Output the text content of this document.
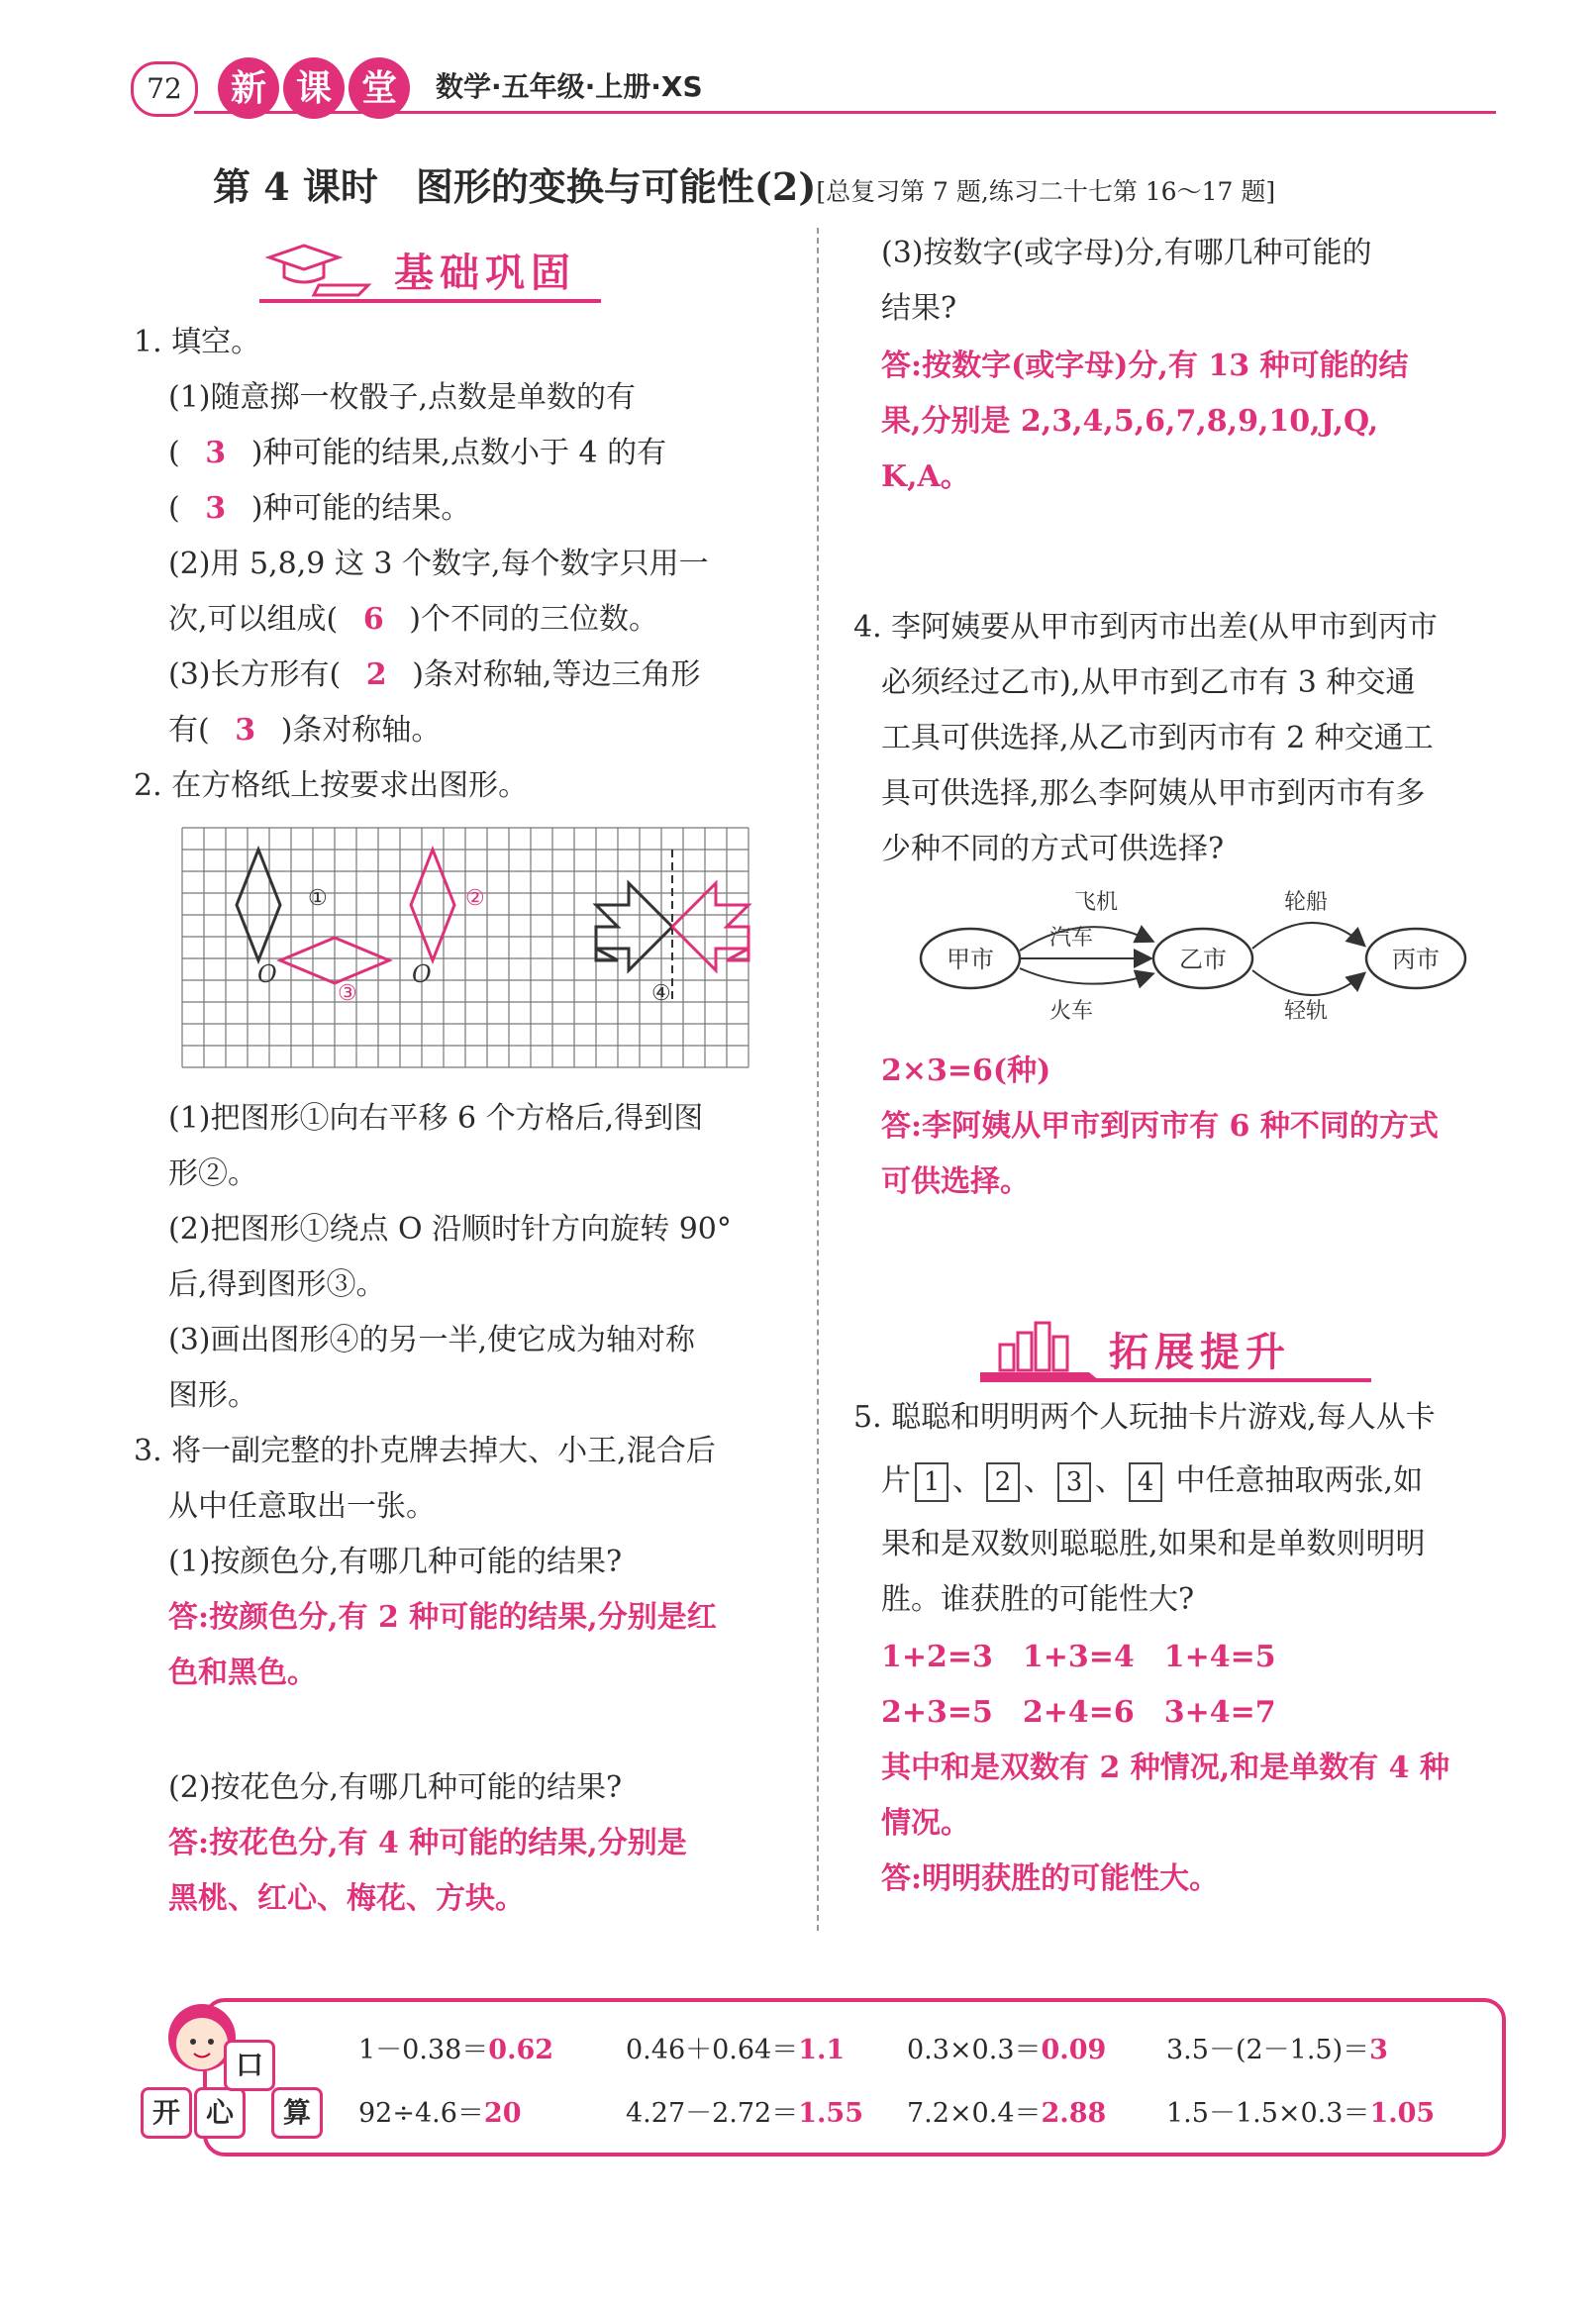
72	新 课 堂	数学·五年级·上册·XS
第 4 课时　图形的变换与可能性(2)[总复习第 7 题,练习二十七第 16～17 题]
基础巩固
1. 填空。
(1)随意掷一枚骰子,点数是单数的有
( 3 )种可能的结果,点数小于 4 的有
( 3 )种可能的结果。
(2)用 5,8,9 这 3 个数字,每个数字只用一
次,可以组成( 6 )个不同的三位数。
(3)长方形有( 2 )条对称轴,等边三角形
有( 3 )条对称轴。
2. 在方格纸上按要求出图形。
①
O
②
O
③	④
(1)把图形①向右平移 6 个方格后,得到图
形②。
(2)把图形①绕点 O 沿顺时针方向旋转 90°
后,得到图形③。
(3)画出图形④的另一半,使它成为轴对称
图形。
3. 将一副完整的扑克牌去掉大、小王,混合后
从中任意取出一张。
(1)按颜色分,有哪几种可能的结果?
答:按颜色分,有 2 种可能的结果,分别是红
色和黑色。
(2)按花色分,有哪几种可能的结果?
答:按花色分,有 4 种可能的结果,分别是
黑桃、红心、梅花、方块。
(3)按数字(或字母)分,有哪几种可能的
结果?
答:按数字(或字母)分,有 13 种可能的结
果,分别是 2,3,4,5,6,7,8,9,10,J,Q,
K,A。
4. 李阿姨要从甲市到丙市出差(从甲市到丙市
必须经过乙市),从甲市到乙市有 3 种交通
工具可供选择,从乙市到丙市有 2 种交通工
具可供选择,那么李阿姨从甲市到丙市有多
少种不同的方式可供选择?
甲市	乙市	丙市
飞机
汽车
火车
轮船
轻轨
2×3=6(种)
答:李阿姨从甲市到丙市有 6 种不同的方式
可供选择。
拓展提升
5. 聪聪和明明两个人玩抽卡片游戏,每人从卡
片 1 、 2 、 3 、 4 中任意抽取两张,如
果和是双数则聪聪胜,如果和是单数则明明
胜。谁获胜的可能性大?
1+2=3　1+3=4　1+4=5
2+3=5　2+4=6　3+4=7
其中和是双数有 2 种情况,和是单数有 4 种
情况。
答:明明获胜的可能性大。
开 心
口
算
1－0.38＝0.62	0.46＋0.64＝1.1 0.3×0.3＝0.09 3.5－(2－1.5)＝3
92÷4.6＝20	4.27－2.72＝1.55 7.2×0.4＝2.88 1.5－1.5×0.3＝1.05
